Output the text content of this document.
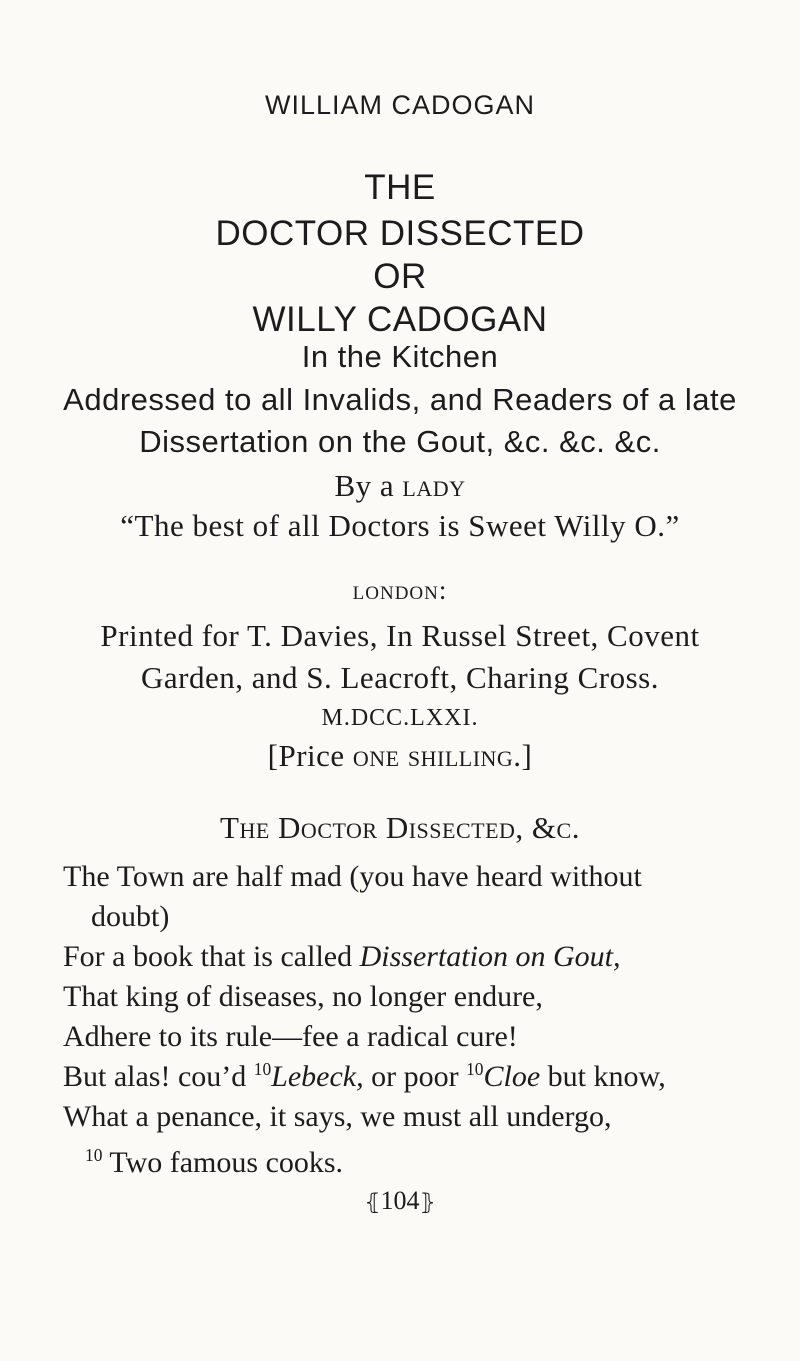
WILLIAM CADOGAN
THE
DOCTOR DISSECTED
OR
WILLY CADOGAN
In the Kitchen
Addressed to all Invalids, and Readers of a late
Dissertation on the Gout, &c. &c. &c.
By a lady
“The best of all Doctors is Sweet Willy O.”
london:
Printed for T. Davies, In Russel Street, Covent
Garden, and S. Leacroft, Charing Cross.
M.DCC.LXXI.
[Price one shilling.]
The Doctor Dissected, &c.
The Town are half mad (you have heard without
doubt)
For a book that is called Dissertation on Gout,
That king of diseases, no longer endure,
Adhere to its rule—fee a radical cure!
But alas! cou’d $^{10}$Lebeck, or poor $^{10}$Cloe but know,
What a penance, it says, we must all undergo,
$^{10}$ Two famous cooks.
⦃104⦄
